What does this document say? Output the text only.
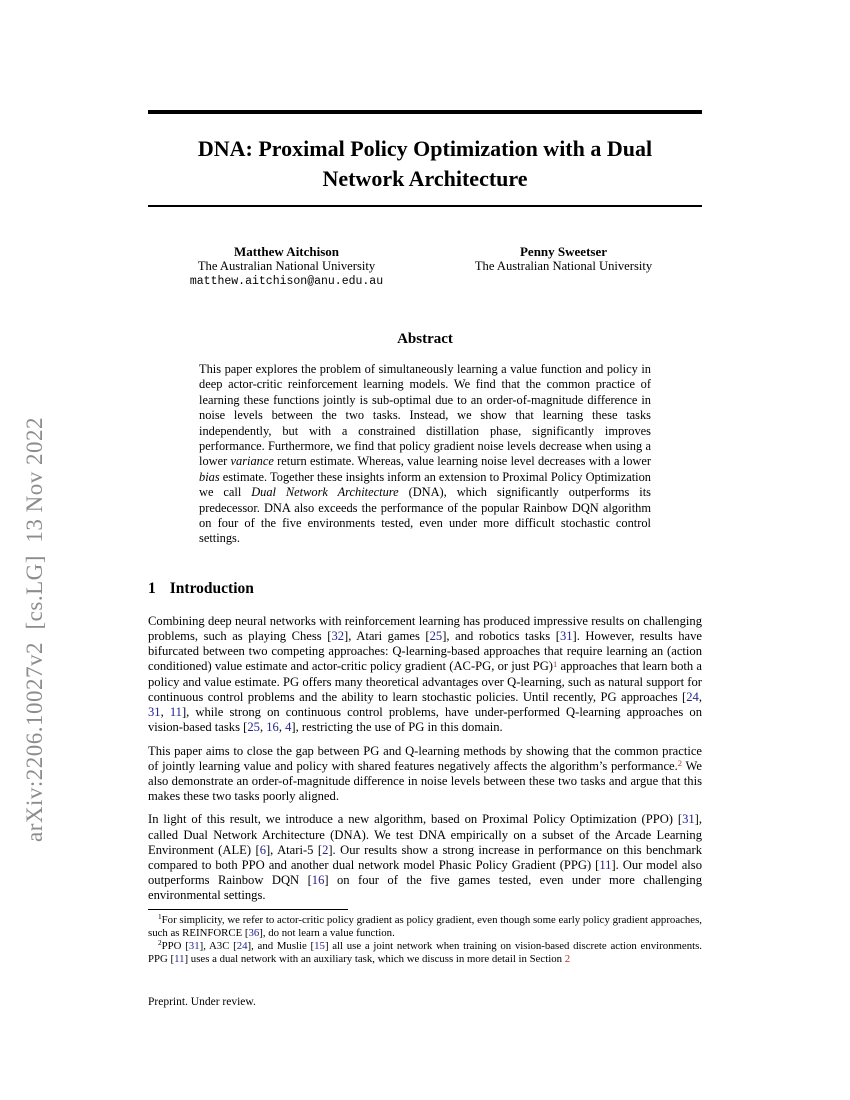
arXiv:2206.10027v2  [cs.LG]  13 Nov 2022
DNA: Proximal Policy Optimization with a Dual Network Architecture
Matthew Aitchison
The Australian National University
matthew.aitchison@anu.edu.au
Penny Sweetser
The Australian National University
Abstract

This paper explores the problem of simultaneously learning a value function and policy in deep actor-critic reinforcement learning models. We find that the common practice of learning these functions jointly is sub-optimal due to an order-of-magnitude difference in noise levels between the two tasks. Instead, we show that learning these tasks independently, but with a constrained distillation phase, significantly improves performance. Furthermore, we find that policy gradient noise levels decrease when using a lower variance return estimate. Whereas, value learning noise level decreases with a lower bias estimate. Together these insights inform an extension to Proximal Policy Optimization we call Dual Network Architecture (DNA), which significantly outperforms its predecessor. DNA also exceeds the performance of the popular Rainbow DQN algorithm on four of the five environments tested, even under more difficult stochastic control settings.

1 Introduction

Combining deep neural networks with reinforcement learning has produced impressive results on challenging problems, such as playing Chess [32], Atari games [25], and robotics tasks [31]. However, results have bifurcated between two competing approaches: Q-learning-based approaches that require learning an (action conditioned) value estimate and actor-critic policy gradient (AC-PG, or just PG)$^1$ approaches that learn both a policy and value estimate. PG offers many theoretical advantages over Q-learning, such as natural support for continuous control problems and the ability to learn stochastic policies. Until recently, PG approaches [24, 31, 11], while strong on continuous control problems, have under-performed Q-learning approaches on vision-based tasks [25, 16, 4], restricting the use of PG in this domain.

This paper aims to close the gap between PG and Q-learning methods by showing that the common practice of jointly learning value and policy with shared features negatively affects the algorithm’s performance.$^2$ We also demonstrate an order-of-magnitude difference in noise levels between these two tasks and argue that this makes these two tasks poorly aligned.

In light of this result, we introduce a new algorithm, based on Proximal Policy Optimization (PPO) [31], called Dual Network Architecture (DNA). We test DNA empirically on a subset of the Arcade Learning Environment (ALE) [6], Atari-5 [2]. Our results show a strong increase in performance on this benchmark compared to both PPO and another dual network model Phasic Policy Gradient (PPG) [11]. Our model also outperforms Rainbow DQN [16] on four of the five games tested, even under more challenging environmental settings.

$^1$For simplicity, we refer to actor-critic policy gradient as policy gradient, even though some early policy gradient approaches, such as REINFORCE [36], do not learn a value function.

$^2$PPO [31], A3C [24], and Muslie [15] all use a joint network when training on vision-based discrete action environments. PPG [11] uses a dual network with an auxiliary task, which we discuss in more detail in Section 2

Preprint. Under review.
